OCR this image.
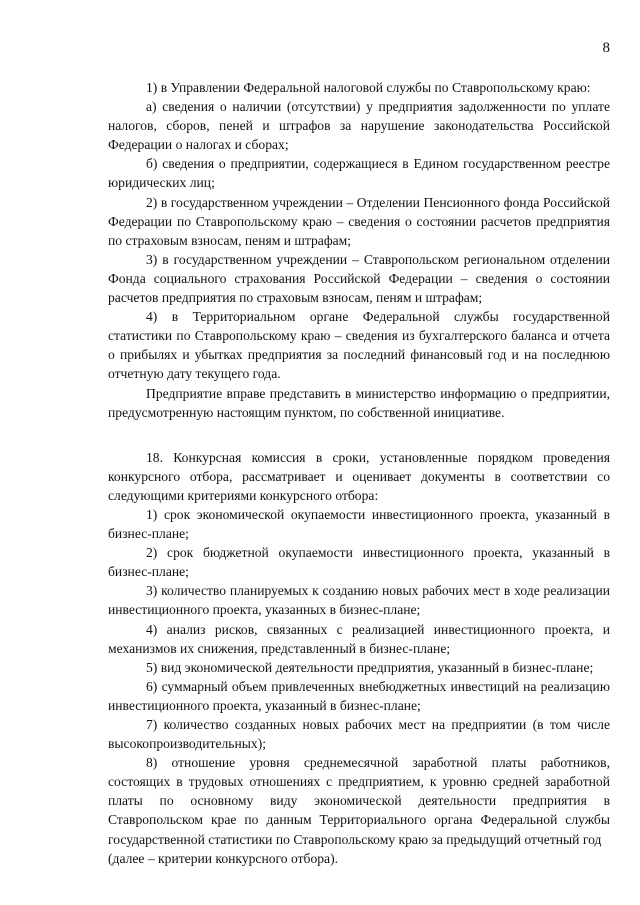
8

1) в Управлении Федеральной налоговой службы по Ставропольскому краю:

а) сведения о наличии (отсутствии) у предприятия задолженности по уплате налогов, сборов, пеней и штрафов за нарушение законодательства Российской Федерации о налогах и сборах;

б) сведения о предприятии, содержащиеся в Едином государственном реестре юридических лиц;

2) в государственном учреждении – Отделении Пенсионного фонда Российской Федерации по Ставропольскому краю – сведения о состоянии расчетов предприятия по страховым взносам, пеням и штрафам;

3) в государственном учреждении – Ставропольском региональном отделении Фонда социального страхования Российской Федерации – сведения о состоянии расчетов предприятия по страховым взносам, пеням и штрафам;

4) в Территориальном органе Федеральной службы государственной статистики по Ставропольскому краю – сведения из бухгалтерского баланса и отчета о прибылях и убытках предприятия за последний финансовый год и на последнюю отчетную дату текущего года.

Предприятие вправе представить в министерство информацию о предприятии, предусмотренную настоящим пунктом, по собственной инициативе.

18. Конкурсная комиссия в сроки, установленные порядком проведения конкурсного отбора, рассматривает и оценивает документы в соответствии со следующими критериями конкурсного отбора:

1) срок экономической окупаемости инвестиционного проекта, указанный в бизнес-плане;

2) срок бюджетной окупаемости инвестиционного проекта, указанный в бизнес-плане;

3) количество планируемых к созданию новых рабочих мест в ходе реализации инвестиционного проекта, указанных в бизнес-плане;

4) анализ рисков, связанных с реализацией инвестиционного проекта, и механизмов их снижения, представленный в бизнес-плане;

5) вид экономической деятельности предприятия, указанный в бизнес-плане;

6) суммарный объем привлеченных внебюджетных инвестиций на реализацию инвестиционного проекта, указанный в бизнес-плане;

7) количество созданных новых рабочих мест на предприятии (в том числе высокопроизводительных);

8) отношение уровня среднемесячной заработной платы работников, состоящих в трудовых отношениях с предприятием, к уровню средней заработной платы по основному виду экономической деятельности предприятия в Ставропольском крае по данным Территориального органа Федеральной службы государственной статистики по Ставропольскому краю за предыдущий отчетный год

(далее – критерии конкурсного отбора).
